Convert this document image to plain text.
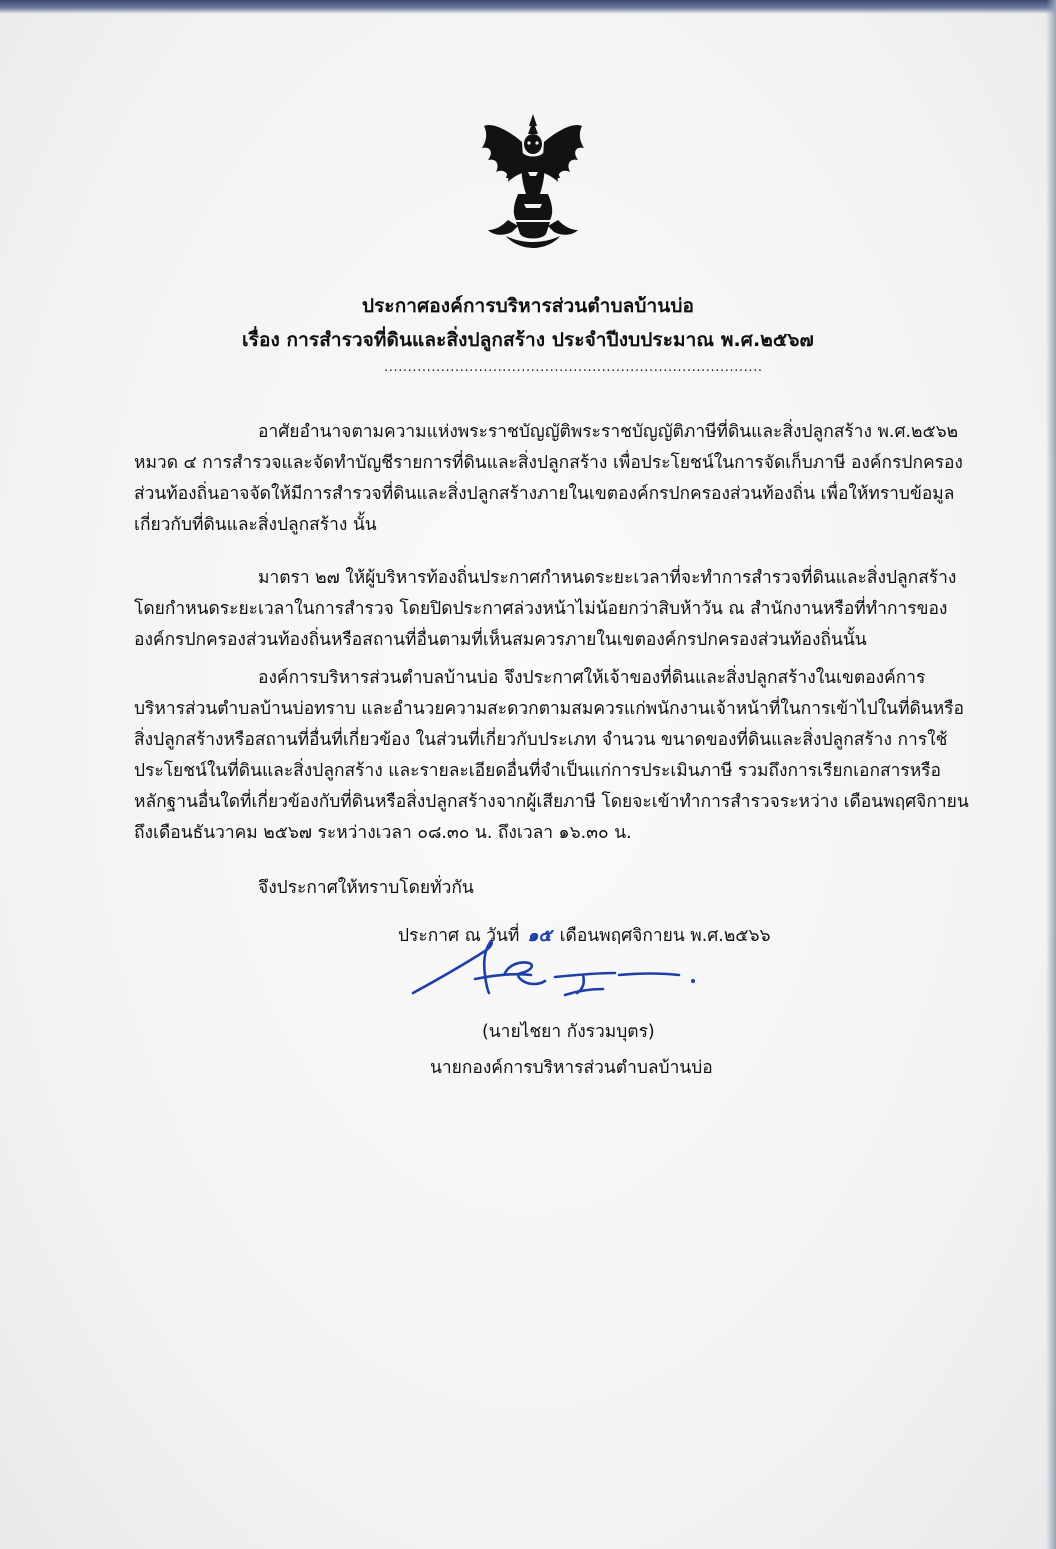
ประกาศองค์การบริหารส่วนตำบลบ้านบ่อ
เรื่อง การสำรวจที่ดินและสิ่งปลูกสร้าง ประจำปีงบประมาณ พ.ศ.๒๕๖๗
................................................................................
อาศัยอำนาจตามความแห่งพระราชบัญญัติพระราชบัญญัติภาษีที่ดินและสิ่งปลูกสร้าง พ.ศ.๒๕๖๒
หมวด ๔ การสำรวจและจัดทำบัญชีรายการที่ดินและสิ่งปลูกสร้าง เพื่อประโยชน์ในการจัดเก็บภาษี องค์กรปกครอง
ส่วนท้องถิ่นอาจจัดให้มีการสำรวจที่ดินและสิ่งปลูกสร้างภายในเขตองค์กรปกครองส่วนท้องถิ่น เพื่อให้ทราบข้อมูล
เกี่ยวกับที่ดินและสิ่งปลูกสร้าง นั้น
มาตรา ๒๗ ให้ผู้บริหารท้องถิ่นประกาศกำหนดระยะเวลาที่จะทำการสำรวจที่ดินและสิ่งปลูกสร้าง
โดยกำหนดระยะเวลาในการสำรวจ โดยปิดประกาศล่วงหน้าไม่น้อยกว่าสิบห้าวัน ณ สำนักงานหรือที่ทำการของ
องค์กรปกครองส่วนท้องถิ่นหรือสถานที่อื่นตามที่เห็นสมควรภายในเขตองค์กรปกครองส่วนท้องถิ่นนั้น
องค์การบริหารส่วนตำบลบ้านบ่อ จึงประกาศให้เจ้าของที่ดินและสิ่งปลูกสร้างในเขตองค์การ
บริหารส่วนตำบลบ้านบ่อทราบ และอำนวยความสะดวกตามสมควรแก่พนักงานเจ้าหน้าที่ในการเข้าไปในที่ดินหรือ
สิ่งปลูกสร้างหรือสถานที่อื่นที่เกี่ยวข้อง ในส่วนที่เกี่ยวกับประเภท จำนวน ขนาดของที่ดินและสิ่งปลูกสร้าง การใช้
ประโยชน์ในที่ดินและสิ่งปลูกสร้าง และรายละเอียดอื่นที่จำเป็นแก่การประเมินภาษี รวมถึงการเรียกเอกสารหรือ
หลักฐานอื่นใดที่เกี่ยวข้องกับที่ดินหรือสิ่งปลูกสร้างจากผู้เสียภาษี โดยจะเข้าทำการสำรวจระหว่าง เดือนพฤศจิกายน
ถึงเดือนธันวาคม ๒๕๖๗ ระหว่างเวลา ๐๘.๓๐ น. ถึงเวลา ๑๖.๓๐ น.
จึงประกาศให้ทราบโดยทั่วกัน
ประกาศ ณ วันที่ ๑๕ เดือนพฤศจิกายน พ.ศ.๒๕๖๖
(นายไชยา กังรวมบุตร)
นายกองค์การบริหารส่วนตำบลบ้านบ่อ
